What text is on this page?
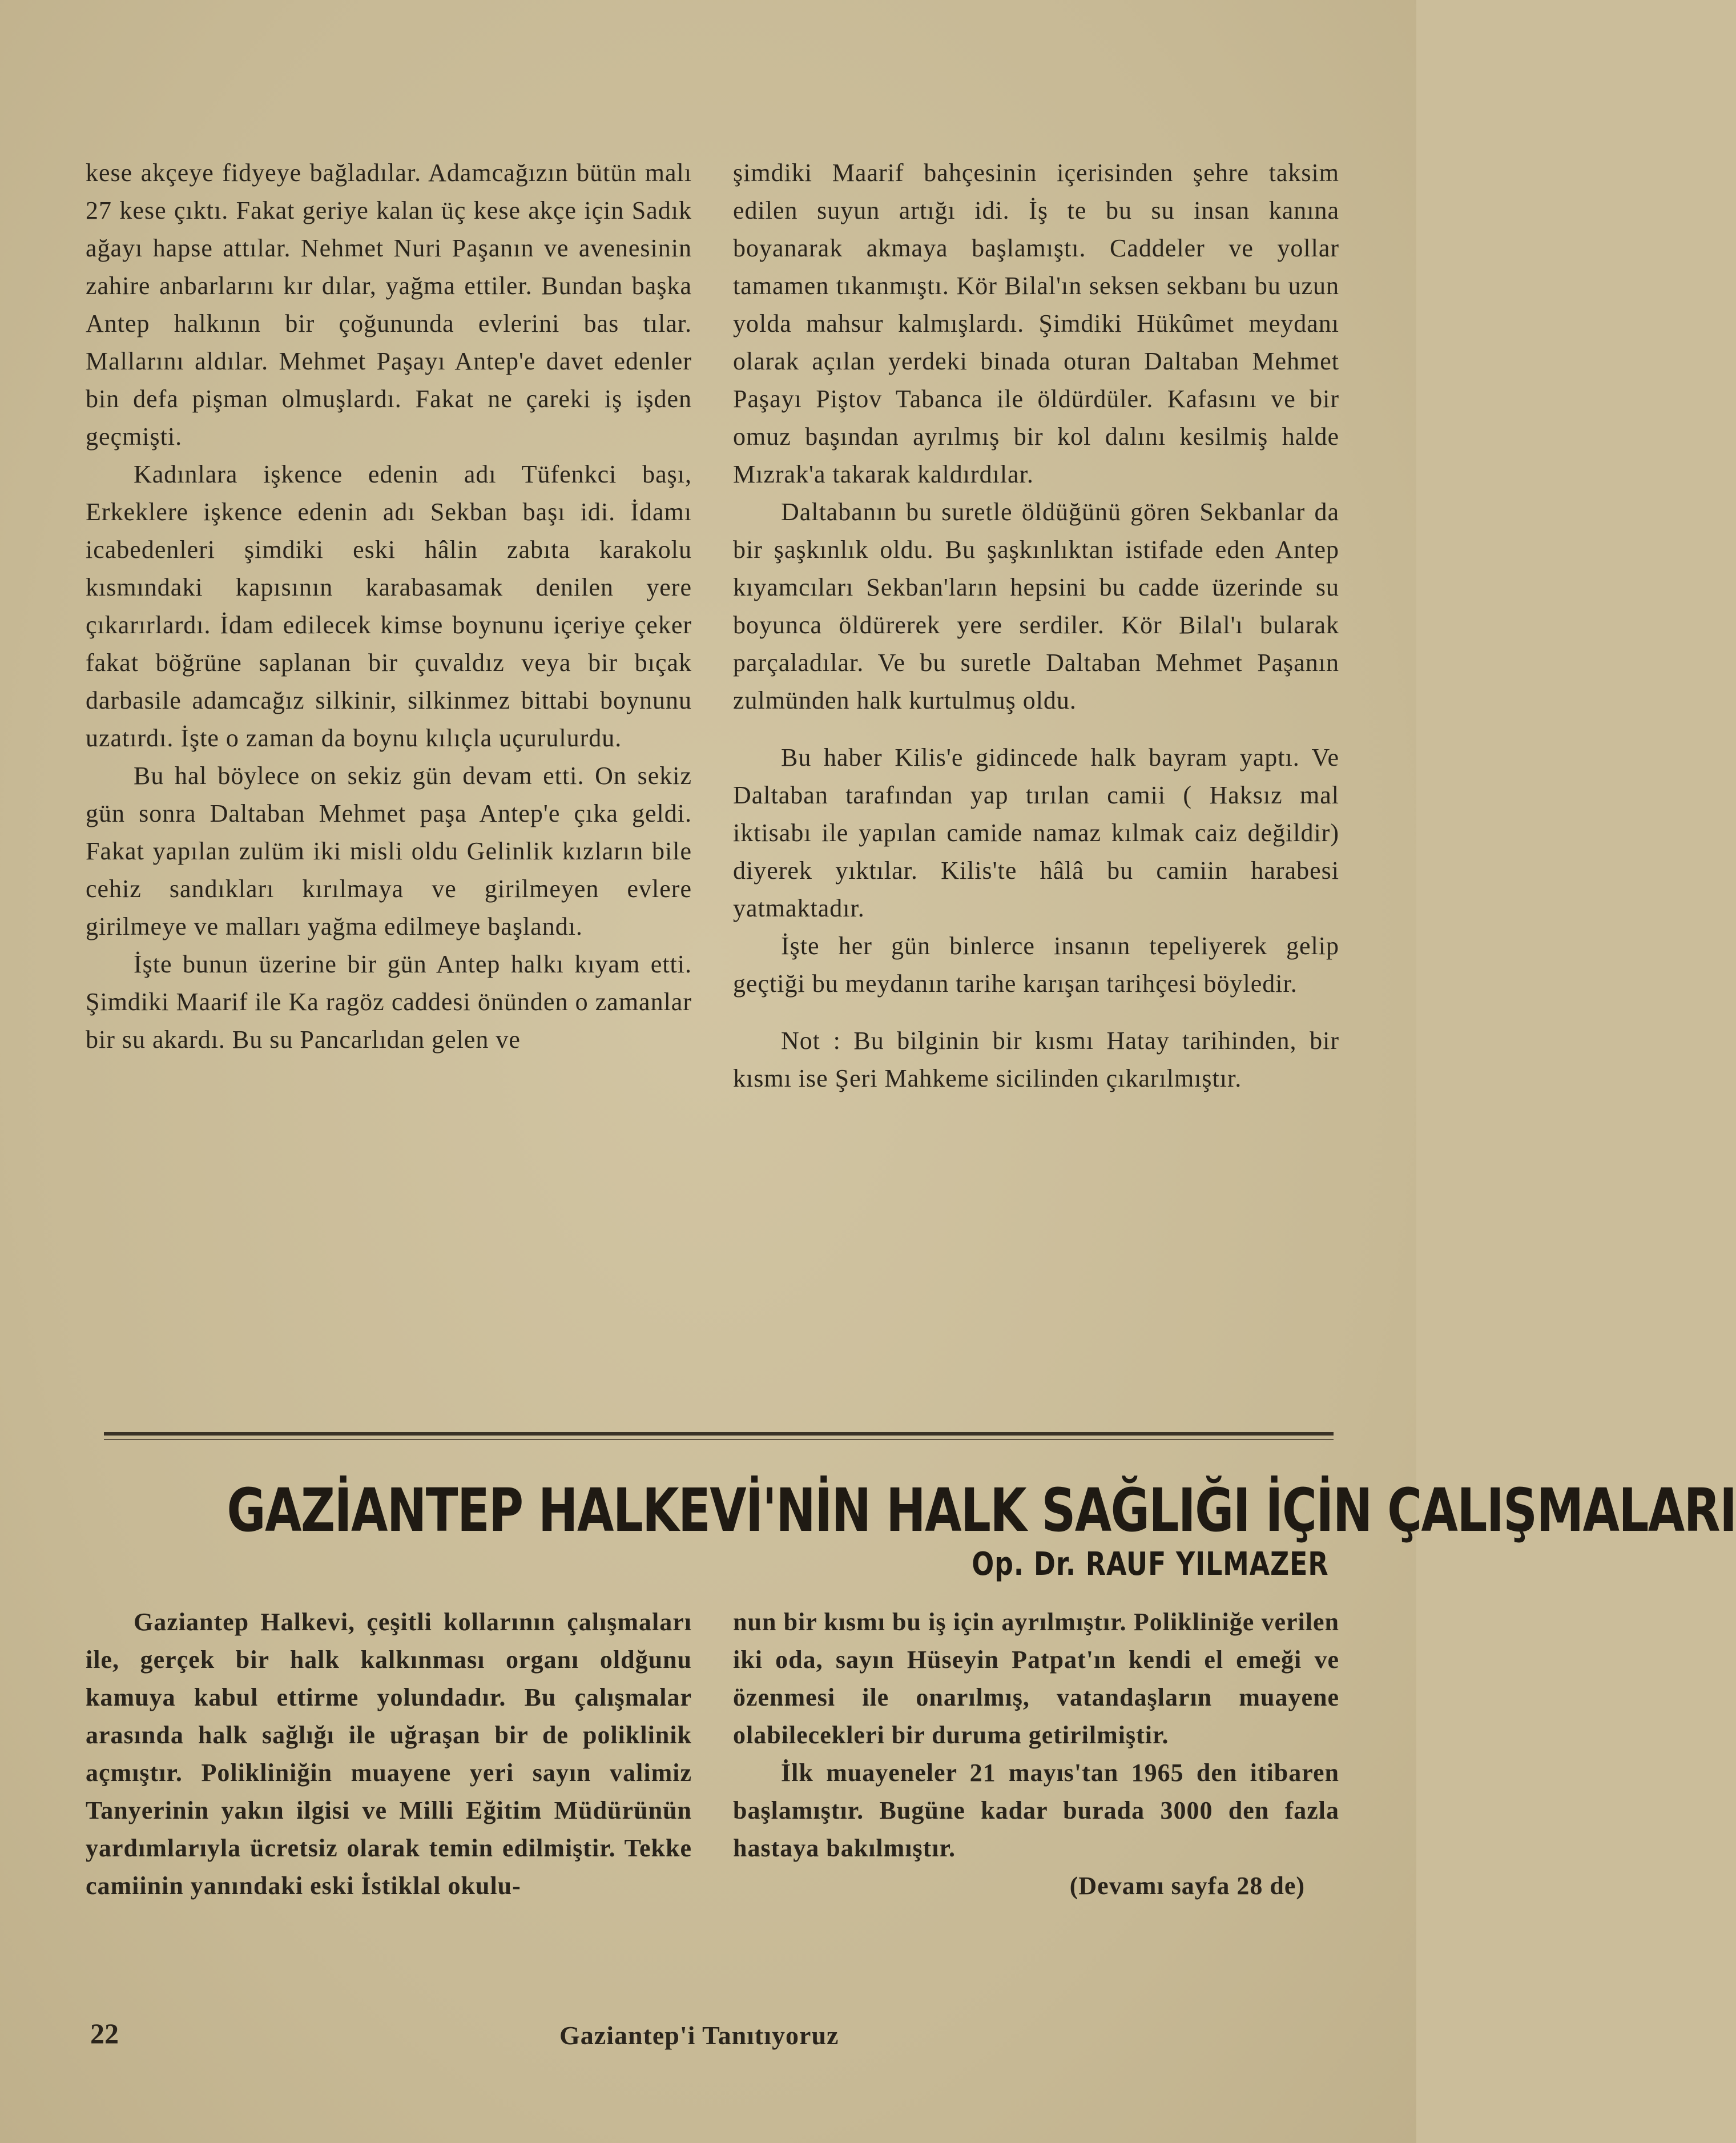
kese akçeye fidyeye bağladılar. Adamcağızın bütün malı 27 kese çıktı. Fakat geriye kalan üç kese akçe için Sadık ağayı hapse attılar. Nehmet Nuri Paşanın ve avenesinin zahire anbarlarını kır dılar, yağma ettiler. Bundan başka Antep halkının bir çoğununda evlerini bas tılar. Mallarını aldılar. Mehmet Paşayı Antep'e davet edenler bin defa pişman olmuşlardı. Fakat ne çareki iş işden geçmişti.

Kadınlara işkence edenin adı Tüfenkci başı, Erkeklere işkence edenin adı Sekban başı idi. İdamı icabedenleri şimdiki eski hâlin zabıta karakolu kısmındaki kapısının karabasamak denilen yere çıkarırlardı. İdam edilecek kimse boynunu içeriye çeker fakat böğrüne saplanan bir çuvaldız veya bir bıçak darbasile adamcağız silkinir, silkinmez bittabi boynunu uzatırdı. İşte o zaman da boynu kılıçla uçurulurdu.

Bu hal böylece on sekiz gün devam etti. On sekiz gün sonra Daltaban Mehmet paşa Antep'e çıka geldi. Fakat yapılan zulüm iki misli oldu Gelinlik kızların bile cehiz sandıkları kırılmaya ve girilmeyen evlere girilmeye ve malları yağma edilmeye başlandı.

İşte bunun üzerine bir gün Antep halkı kıyam etti. Şimdiki Maarif ile Ka ragöz caddesi önünden o zamanlar bir su akardı. Bu su Pancarlıdan gelen ve

şimdiki Maarif bahçesinin içerisinden şehre taksim edilen suyun artığı idi. İş te bu su insan kanına boyanarak akmaya başlamıştı. Caddeler ve yollar tamamen tıkanmıştı. Kör Bilal'ın seksen sekbanı bu uzun yolda mahsur kalmışlardı. Şimdiki Hükûmet meydanı olarak açılan yerdeki binada oturan Daltaban Mehmet Paşayı Piştov Tabanca ile öldürdüler. Kafasını ve bir omuz başından ayrılmış bir kol dalını kesilmiş halde Mızrak'a takarak kaldırdılar.

Daltabanın bu suretle öldüğünü gören Sekbanlar da bir şaşkınlık oldu. Bu şaşkınlıktan istifade eden Antep kıyamcıları Sekban'ların hepsini bu cadde üzerinde su boyunca öldürerek yere serdiler. Kör Bilal'ı bularak parçaladılar. Ve bu suretle Daltaban Mehmet Paşanın zulmünden halk kurtulmuş oldu.

Bu haber Kilis'e gidincede halk bayram yaptı. Ve Daltaban tarafından yap tırılan camii ( Haksız mal iktisabı ile yapılan camide namaz kılmak caiz değildir) diyerek yıktılar. Kilis'te hâlâ bu camiin harabesi yatmaktadır.

İşte her gün binlerce insanın tepeliyerek gelip geçtiği bu meydanın tarihe karışan tarihçesi böyledir.

Not : Bu bilginin bir kısmı Hatay tarihinden, bir kısmı ise Şeri Mahkeme sicilinden çıkarılmıştır.

GAZİANTEP HALKEVİ'NİN HALK SAĞLIĞI İÇİN ÇALIŞMALARI
Op. Dr. RAUF YILMAZER

Gaziantep Halkevi, çeşitli kollarının çalışmaları ile, gerçek bir halk kalkınması organı oldğunu kamuya kabul ettirme yolundadır. Bu çalışmalar arasında halk sağlığı ile uğraşan bir de poliklinik açmıştır. Polikliniğin muayene yeri sayın valimiz Tanyerinin yakın ilgisi ve Milli Eğitim Müdürünün yardımlarıyla ücretsiz olarak temin edilmiştir. Tekke camiinin yanındaki eski İstiklal okulu-

nun bir kısmı bu iş için ayrılmıştır. Polikliniğe verilen iki oda, sayın Hüseyin Patpat'ın kendi el emeği ve özenmesi ile onarılmış, vatandaşların muayene olabilecekleri bir duruma getirilmiştir.

İlk muayeneler 21 mayıs'tan 1965 den itibaren başlamıştır. Bugüne kadar burada 3000 den fazla hastaya bakılmıştır.

(Devamı sayfa 28 de)

22	Gaziantep'i Tanıtıyoruz
